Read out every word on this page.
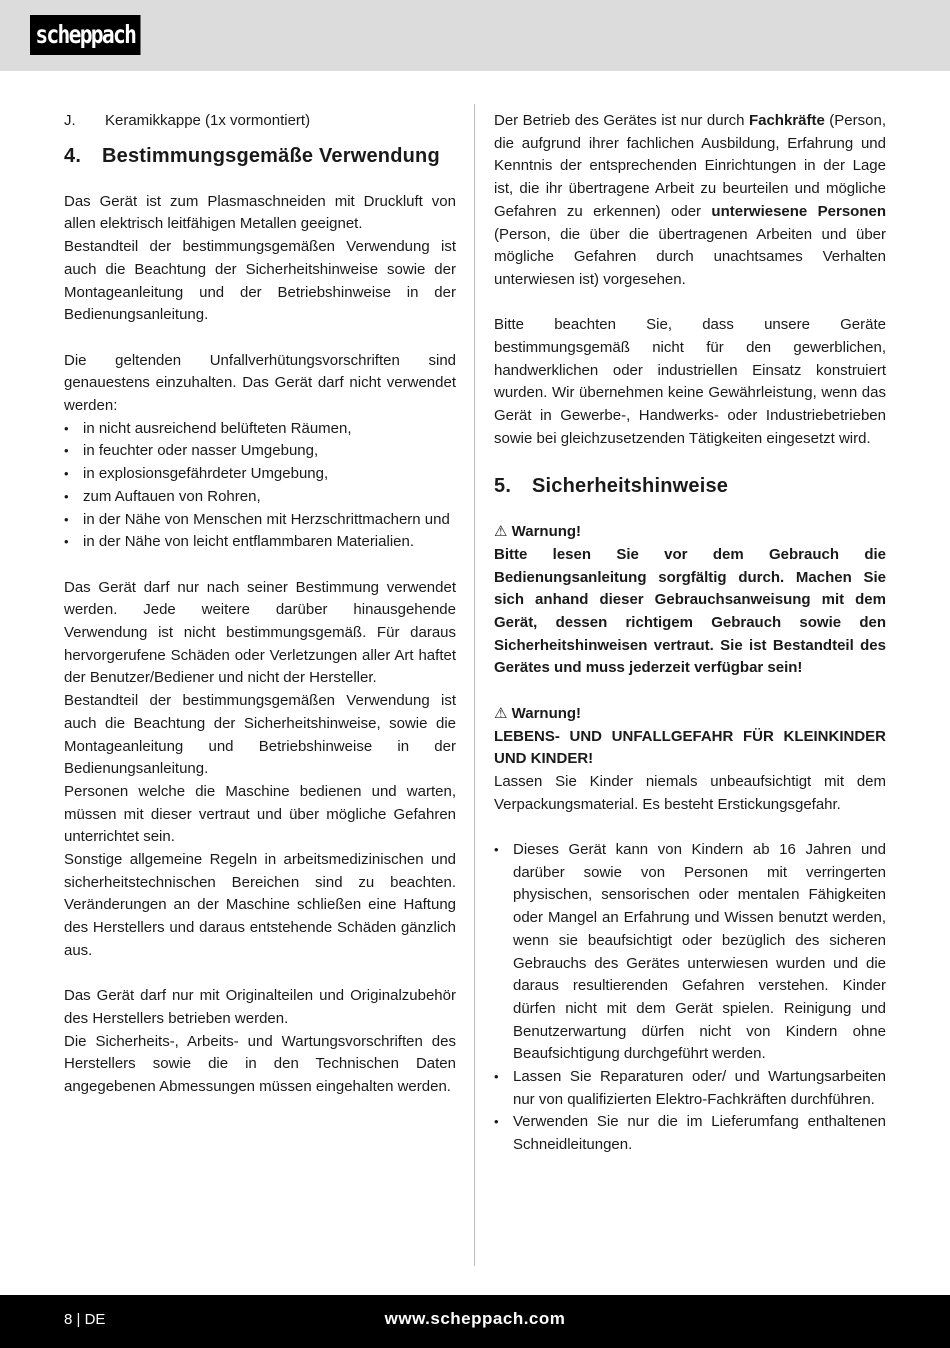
scheppach
J. Keramikkappe (1x vormontiert)
4. Bestimmungsgemäße Verwendung

Das Gerät ist zum Plasmaschneiden mit Druckluft von allen elektrisch leitfähigen Metallen geeignet.

Bestandteil der bestimmungsgemäßen Verwendung ist auch die Beachtung der Sicherheitshinweise sowie der Montageanleitung und der Betriebshinweise in der Bedienungsanleitung.

Die geltenden Unfallverhütungsvorschriften sind genauestens einzuhalten. Das Gerät darf nicht verwendet werden:

• in nicht ausreichend belüfteten Räumen,
• in feuchter oder nasser Umgebung,
• in explosionsgefährdeter Umgebung,
• zum Auftauen von Rohren,
• in der Nähe von Menschen mit Herzschrittmachern und
• in der Nähe von leicht entflammbaren Materialien.

Das Gerät darf nur nach seiner Bestimmung verwendet werden. Jede weitere darüber hinausgehende Verwendung ist nicht bestimmungsgemäß. Für daraus hervorgerufene Schäden oder Verletzungen aller Art haftet der Benutzer/Bediener und nicht der Hersteller.

Bestandteil der bestimmungsgemäßen Verwendung ist auch die Beachtung der Sicherheitshinweise, sowie die Montageanleitung und Betriebshinweise in der Bedienungsanleitung.

Personen welche die Maschine bedienen und warten, müssen mit dieser vertraut und über mögliche Gefahren unterrichtet sein.

Sonstige allgemeine Regeln in arbeitsmedizinischen und sicherheitstechnischen Bereichen sind zu beachten. Veränderungen an der Maschine schließen eine Haftung des Herstellers und daraus entstehende Schäden gänzlich aus.

Das Gerät darf nur mit Originalteilen und Originalzubehör des Herstellers betrieben werden.

Die Sicherheits-, Arbeits- und Wartungsvorschriften des Herstellers sowie die in den Technischen Daten angegebenen Abmessungen müssen eingehalten werden.

Der Betrieb des Gerätes ist nur durch Fachkräfte (Person, die aufgrund ihrer fachlichen Ausbildung, Erfahrung und Kenntnis der entsprechenden Einrichtungen in der Lage ist, die ihr übertragene Arbeit zu beurteilen und mögliche Gefahren zu erkennen) oder unterwiesene Personen (Person, die über die übertragenen Arbeiten und über mögliche Gefahren durch unachtsames Verhalten unterwiesen ist) vorgesehen.

Bitte beachten Sie, dass unsere Geräte bestimmungsgemäß nicht für den gewerblichen, handwerklichen oder industriellen Einsatz konstruiert wurden. Wir übernehmen keine Gewährleistung, wenn das Gerät in Gewerbe-, Handwerks- oder Industriebetrieben sowie bei gleichzusetzenden Tätigkeiten eingesetzt wird.

5. Sicherheitshinweise
⚠ Warnung!

Bitte lesen Sie vor dem Gebrauch die Bedienungsanleitung sorgfältig durch. Machen Sie sich anhand dieser Gebrauchsanweisung mit dem Gerät, dessen richtigem Gebrauch sowie den Sicherheitshinweisen vertraut. Sie ist Bestandteil des Gerätes und muss jederzeit verfügbar sein!

⚠ Warnung!

LEBENS- UND UNFALLGEFAHR FÜR KLEINKINDER UND KINDER!

Lassen Sie Kinder niemals unbeaufsichtigt mit dem Verpackungsmaterial. Es besteht Erstickungsgefahr.

• Dieses Gerät kann von Kindern ab 16 Jahren und darüber sowie von Personen mit verringerten physischen, sensorischen oder mentalen Fähigkeiten oder Mangel an Erfahrung und Wissen benutzt werden, wenn sie beaufsichtigt oder bezüglich des sicheren Gebrauchs des Gerätes unterwiesen wurden und die daraus resultierenden Gefahren verstehen. Kinder dürfen nicht mit dem Gerät spielen. Reinigung und Benutzerwartung dürfen nicht von Kindern ohne Beaufsichtigung durchgeführt werden.
• Lassen Sie Reparaturen oder/ und Wartungsarbeiten nur von qualifizierten Elektro-Fachkräften durchführen.
• Verwenden Sie nur die im Lieferumfang enthaltenen Schneidleitungen.
8 | DE	www.scheppach.com
